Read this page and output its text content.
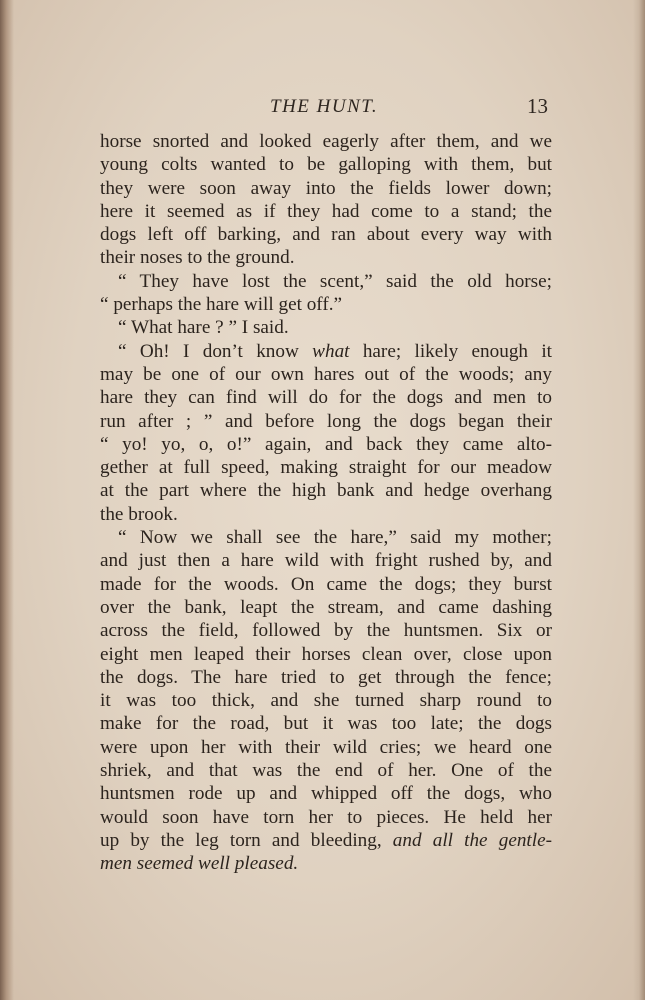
THE HUNT.	13
horse snorted and looked eagerly after them, and we
young colts wanted to be galloping with them, but
they were soon away into the fields lower down;
here it seemed as if they had come to a stand; the
dogs left off barking, and ran about every way with
their noses to the ground.
“ They have lost the scent,” said the old horse;
“ perhaps the hare will get off.”
“ What hare ? ” I said.
“ Oh! I don’t know what hare; likely enough it
may be one of our own hares out of the woods; any
hare they can find will do for the dogs and men to
run after ; ” and before long the dogs began their
“ yo! yo, o, o!” again, and back they came alto-
gether at full speed, making straight for our meadow
at the part where the high bank and hedge overhang
the brook.
“ Now we shall see the hare,” said my mother;
and just then a hare wild with fright rushed by, and
made for the woods. On came the dogs; they burst
over the bank, leapt the stream, and came dashing
across the field, followed by the huntsmen. Six or
eight men leaped their horses clean over, close upon
the dogs. The hare tried to get through the fence;
it was too thick, and she turned sharp round to
make for the road, but it was too late; the dogs
were upon her with their wild cries; we heard one
shriek, and that was the end of her. One of the
huntsmen rode up and whipped off the dogs, who
would soon have torn her to pieces. He held her
up by the leg torn and bleeding, and all the gentle-
men seemed well pleased.
